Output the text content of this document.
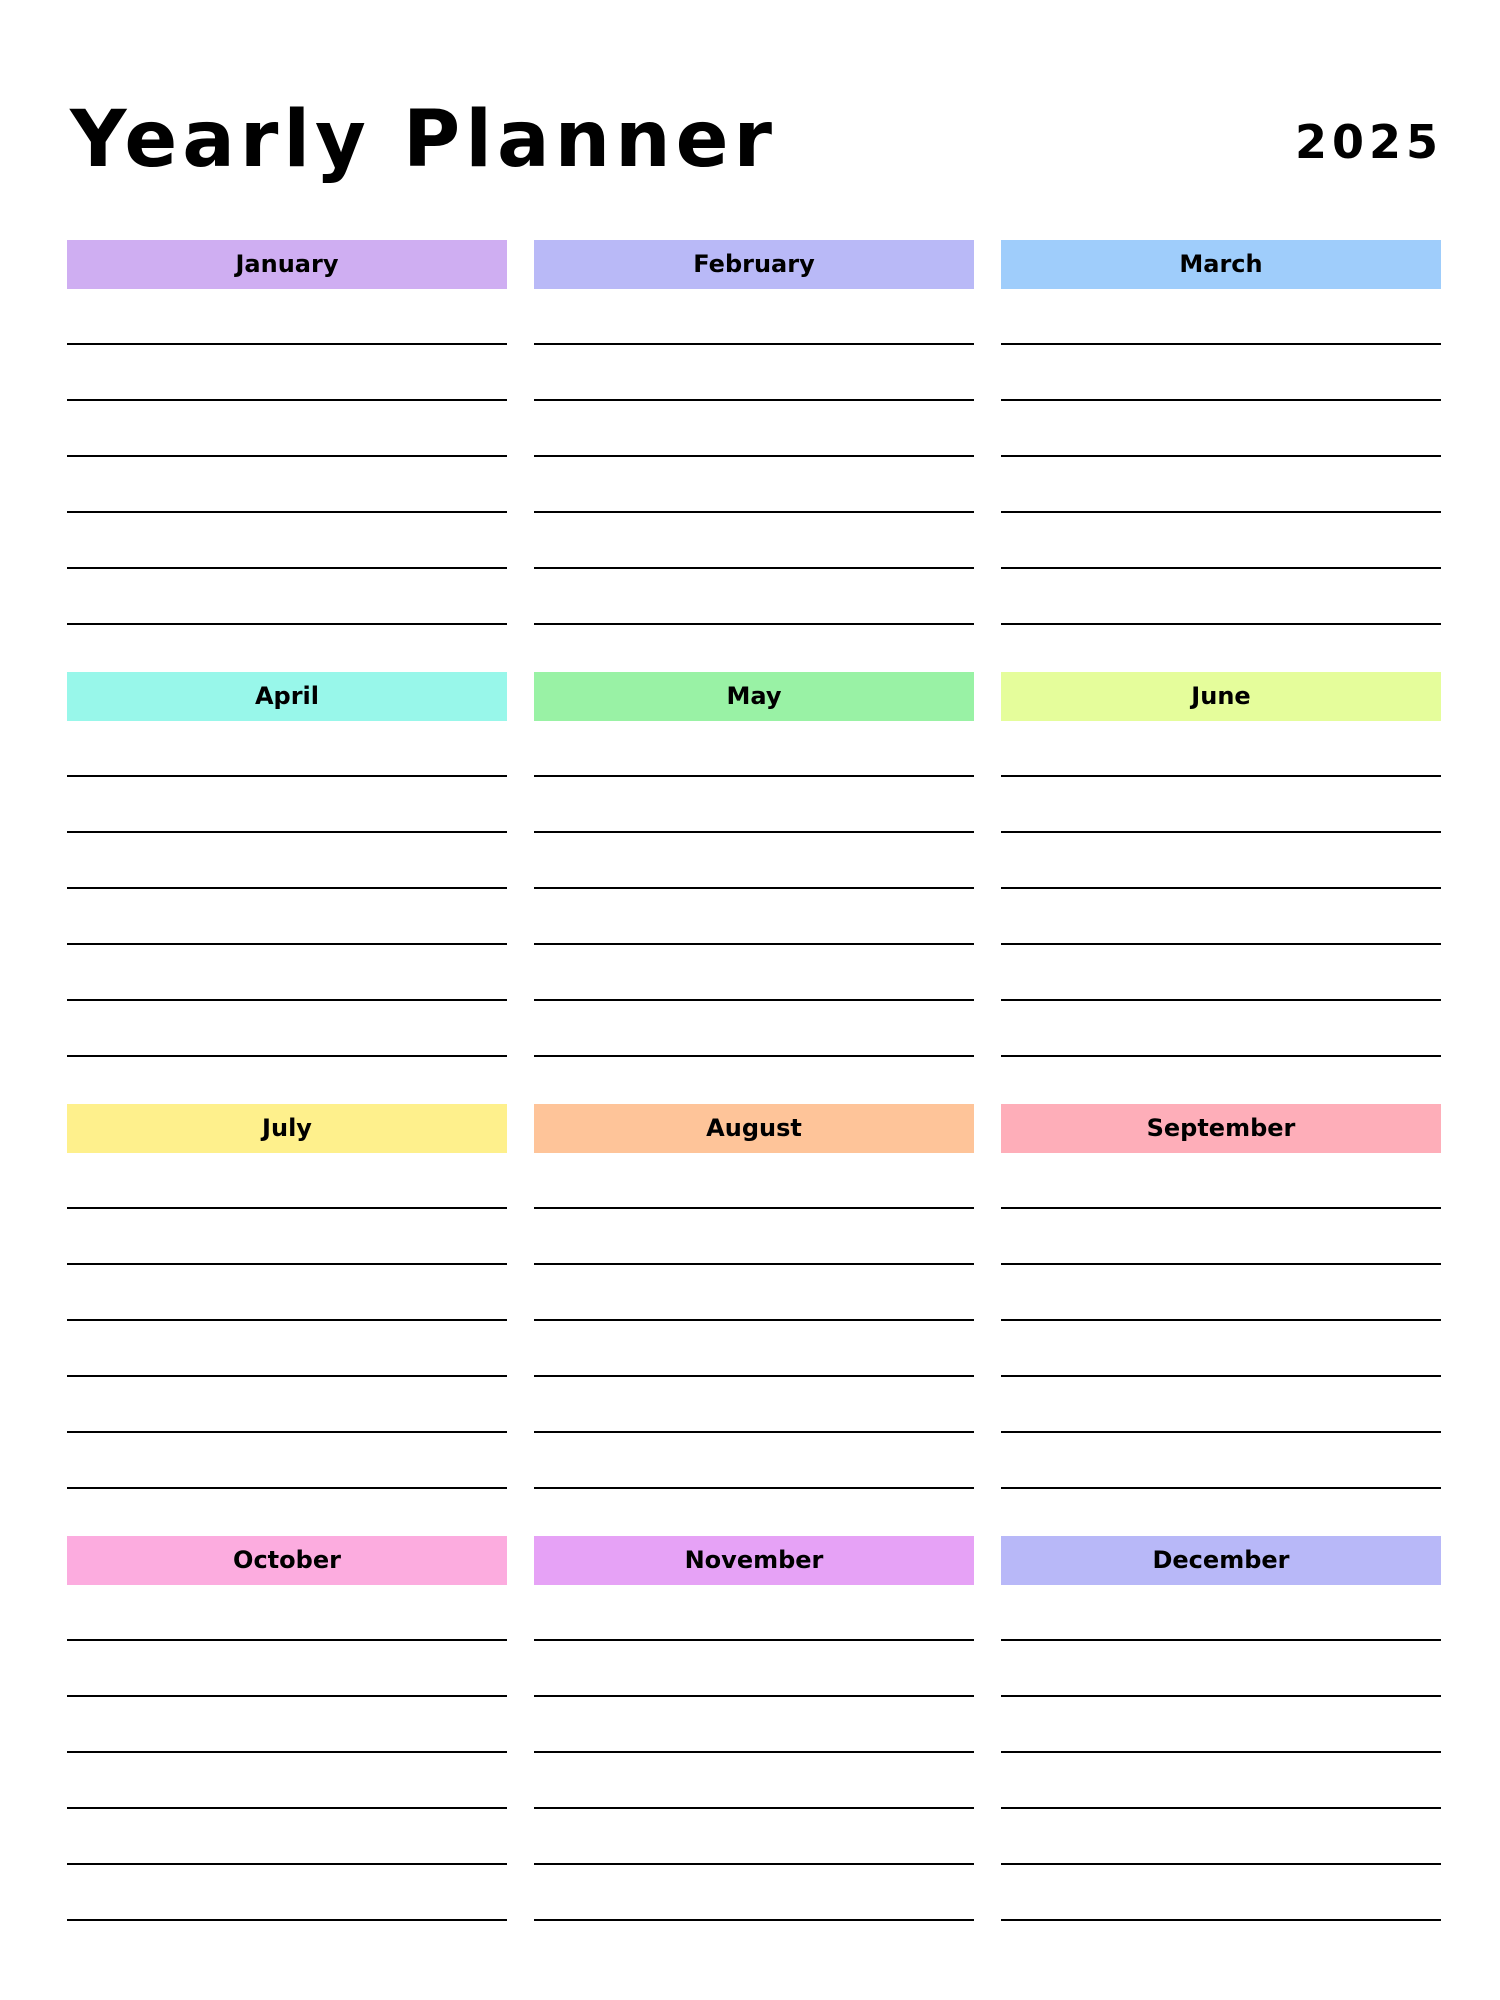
Yearly Planner	2025
January	February	March
April	May	June
July	August	September
October	November	December
